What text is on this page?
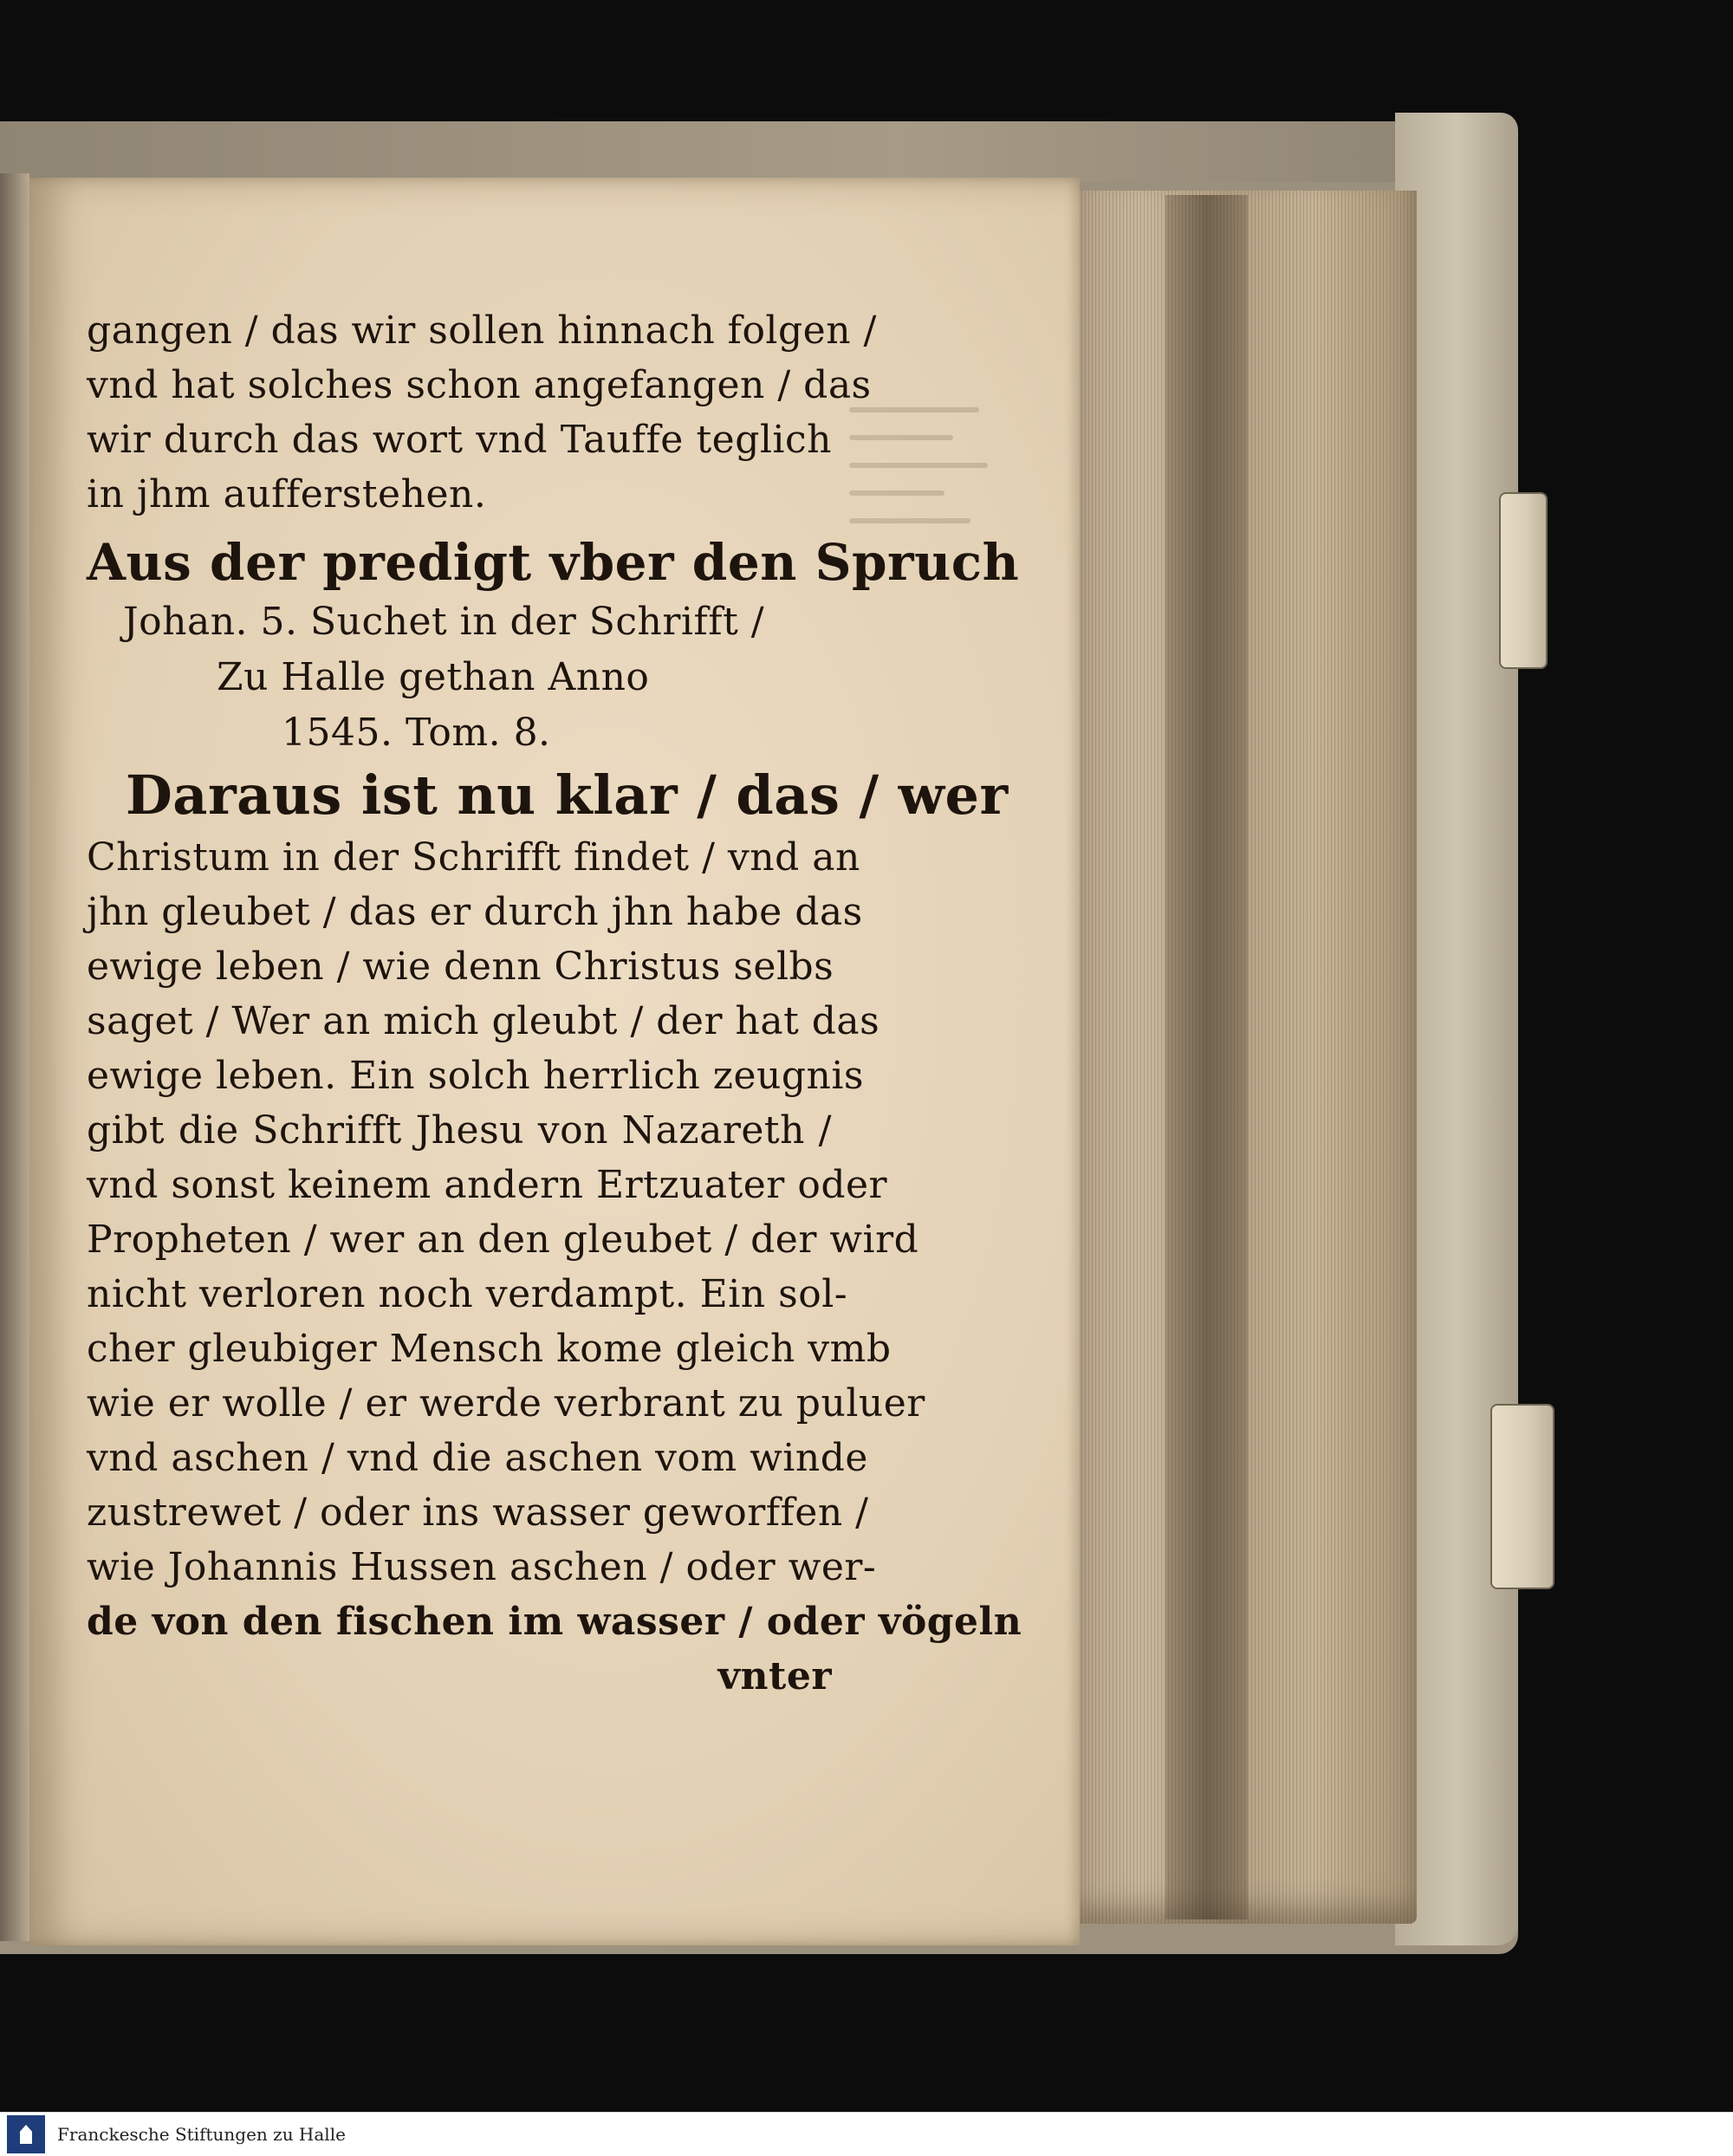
gangen / das wir sollen hinnach folgen /
vnd hat solches schon angefangen / das
wir durch das wort vnd Tauffe teglich
in jhm aufferstehen.
Aus der predigt vber den Spruch
Johan. 5. Suchet in der Schrifft /
Zu Halle gethan Anno
1545. Tom. 8.
Daraus ist nu klar / das / wer
Christum in der Schrifft findet / vnd an
jhn gleubet / das er durch jhn habe das
ewige leben / wie denn Christus selbs
saget / Wer an mich gleubt / der hat das
ewige leben. Ein solch herrlich zeugnis
gibt die Schrifft Jhesu von Nazareth /
vnd sonst keinem andern Ertzuater oder
Propheten / wer an den gleubet / der wird
nicht verloren noch verdampt. Ein sol-
cher gleubiger Mensch kome gleich vmb
wie er wolle / er werde verbrant zu puluer
vnd aschen / vnd die aschen vom winde
zustrewet / oder ins wasser geworffen /
wie Johannis Hussen aschen / oder wer-
de von den fischen im wasser / oder vögeln
vnter
Franckesche Stiftungen zu Halle
